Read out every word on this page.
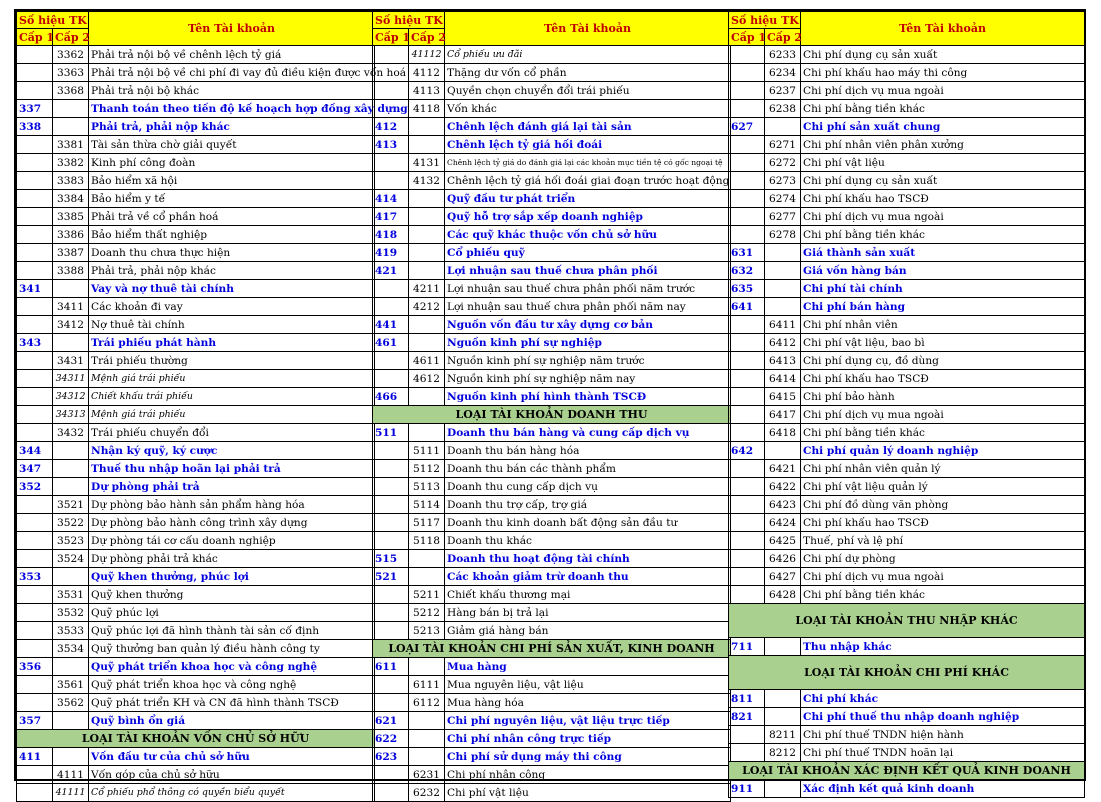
Số hiệu TK		Tên Tài khoản
Cấp 1	Cấp 2	
	3362	Phải trả nội bộ về chênh lệch tỷ giá
	3363	Phải trả nội bộ về chi phí đi vay đủ điều kiện được vốn hoá
	3368	Phải trả nội bộ khác
337		Thanh toán theo tiến độ kế hoạch hợp đồng xây dựng
338		Phải trả, phải nộp khác
	3381	Tài sản thừa chờ giải quyết
	3382	Kinh phí công đoàn
	3383	Bảo hiểm xã hội
	3384	Bảo hiểm y tế
	3385	Phải trả về cổ phần hoá
	3386	Bảo hiểm thất nghiệp
	3387	Doanh thu chưa thực hiện
	3388	Phải trả, phải nộp khác
341		Vay và nợ thuê tài chính
	3411	Các khoản đi vay
	3412	Nợ thuê tài chính
343		Trái phiếu phát hành
	3431	Trái phiếu thường
	34311	Mệnh giá trái phiếu
	34312	Chiết khấu trái phiếu
	34313	Mệnh giá trái phiếu
	3432	Trái phiếu chuyển đổi
344		Nhận ký quỹ, ký cược
347		Thuế thu nhập hoãn lại phải trả
352		Dự phòng phải trả
	3521	Dự phòng bảo hành sản phẩm hàng hóa
	3522	Dự phòng bảo hành công trình xây dựng
	3523	Dự phòng tái cơ cấu doanh nghiệp
	3524	Dự phòng phải trả khác
353		Quỹ khen thưởng, phúc lợi
	3531	Quỹ khen thưởng
	3532	Quỹ phúc lợi
	3533	Quỹ phúc lợi đã hình thành tài sản cố định
	3534	Quỹ thưởng ban quản lý điều hành công ty
356		Quỹ phát triển khoa học và công nghệ
	3561	Quỹ phát triển khoa học và công nghệ
	3562	Quỹ phát triển KH và CN đã hình thành TSCĐ
357		Quỹ bình ổn giá
LOẠI TÀI KHOẢN VỐN CHỦ SỞ HỮU		
411		Vốn đầu tư của chủ sở hữu
	4111	Vốn góp của chủ sở hữu
	41111	Cổ phiếu phổ thông có quyền biểu quyết
Số hiệu TK		Tên Tài khoản
Cấp 1	Cấp 2	
	41112	Cổ phiếu ưu đãi
	4112	Thặng dư vốn cổ phần
	4113	Quyền chọn chuyển đổi trái phiếu
	4118	Vốn khác
412		Chênh lệch đánh giá lại tài sản
413		Chênh lệch tỷ giá hối đoái
	4131	Chênh lệch tỷ giá do đánh giá lại các khoản mục tiền tệ có gốc ngoại tệ
	4132	Chênh lệch tỷ giá hối đoái giai đoạn trước hoạt động
414		Quỹ đầu tư phát triển
417		Quỹ hỗ trợ sắp xếp doanh nghiệp
418		Các quỹ khác thuộc vốn chủ sở hữu
419		Cổ phiếu quỹ
421		Lợi nhuận sau thuế chưa phân phối
	4211	Lợi nhuận sau thuế chưa phân phối năm trước
	4212	Lợi nhuận sau thuế chưa phân phối năm nay
441		Nguồn vốn đầu tư xây dựng cơ bản
461		Nguồn kinh phí sự nghiệp
	4611	Nguồn kinh phí sự nghiệp năm trước
	4612	Nguồn kinh phí sự nghiệp năm nay
466		Nguồn kinh phí hình thành TSCĐ
LOẠI TÀI KHOẢN DOANH THU		
511		Doanh thu bán hàng và cung cấp dịch vụ
	5111	Doanh thu bán hàng hóa
	5112	Doanh thu bán các thành phẩm
	5113	Doanh thu cung cấp dịch vụ
	5114	Doanh thu trợ cấp, trợ giá
	5117	Doanh thu kinh doanh bất động sản đầu tư
	5118	Doanh thu khác
515		Doanh thu hoạt động tài chính
521		Các khoản giảm trừ doanh thu
	5211	Chiết khấu thương mại
	5212	Hàng bán bị trả lại
	5213	Giảm giá hàng bán
LOẠI TÀI KHOẢN CHI PHÍ SẢN XUẤT, KINH DOANH		
611		Mua hàng
	6111	Mua nguyên liệu, vật liệu
	6112	Mua hàng hóa
621		Chi phí nguyên liệu, vật liệu trực tiếp
622		Chi phí nhân công trực tiếp
623		Chi phí sử dụng máy thi công
	6231	Chi phí nhân công
	6232	Chi phí vật liệu
Số hiệu TK		Tên Tài khoản
Cấp 1	Cấp 2	
	6233	Chi phí dụng cụ sản xuất
	6234	Chi phí khấu hao máy thi công
	6237	Chi phí dịch vụ mua ngoài
	6238	Chi phí bằng tiền khác
627		Chi phí sản xuất chung
	6271	Chi phí nhân viên phân xưởng
	6272	Chi phí vật liệu
	6273	Chi phí dụng cụ sản xuất
	6274	Chi phí khấu hao TSCĐ
	6277	Chi phí dịch vụ mua ngoài
	6278	Chi phí bằng tiền khác
631		Giá thành sản xuất
632		Giá vốn hàng bán
635		Chi phí tài chính
641		Chi phí bán hàng
	6411	Chi phí nhân viên
	6412	Chi phí vật liệu, bao bì
	6413	Chi phí dụng cụ, đồ dùng
	6414	Chi phí khấu hao TSCĐ
	6415	Chi phí bảo hành
	6417	Chi phí dịch vụ mua ngoài
	6418	Chi phí bằng tiền khác
642		Chi phí quản lý doanh nghiệp
	6421	Chi phí nhân viên quản lý
	6422	Chi phí vật liệu quản lý
	6423	Chi phí đồ dùng văn phòng
	6424	Chi phí khấu hao TSCĐ
	6425	Thuế, phí và lệ phí
	6426	Chi phí dự phòng
	6427	Chi phí dịch vụ mua ngoài
	6428	Chi phí bằng tiền khác
LOẠI TÀI KHOẢN THU NHẬP KHÁC		
711		Thu nhập khác
LOẠI TÀI KHOẢN CHI PHÍ KHÁC		
811		Chi phí khác
821		Chi phí thuế thu nhập doanh nghiệp
	8211	Chi phí thuế TNDN hiện hành
	8212	Chi phí thuế TNDN hoãn lại
LOẠI TÀI KHOẢN XÁC ĐỊNH KẾT QUẢ KINH DOANH		
911		Xác định kết quả kinh doanh
